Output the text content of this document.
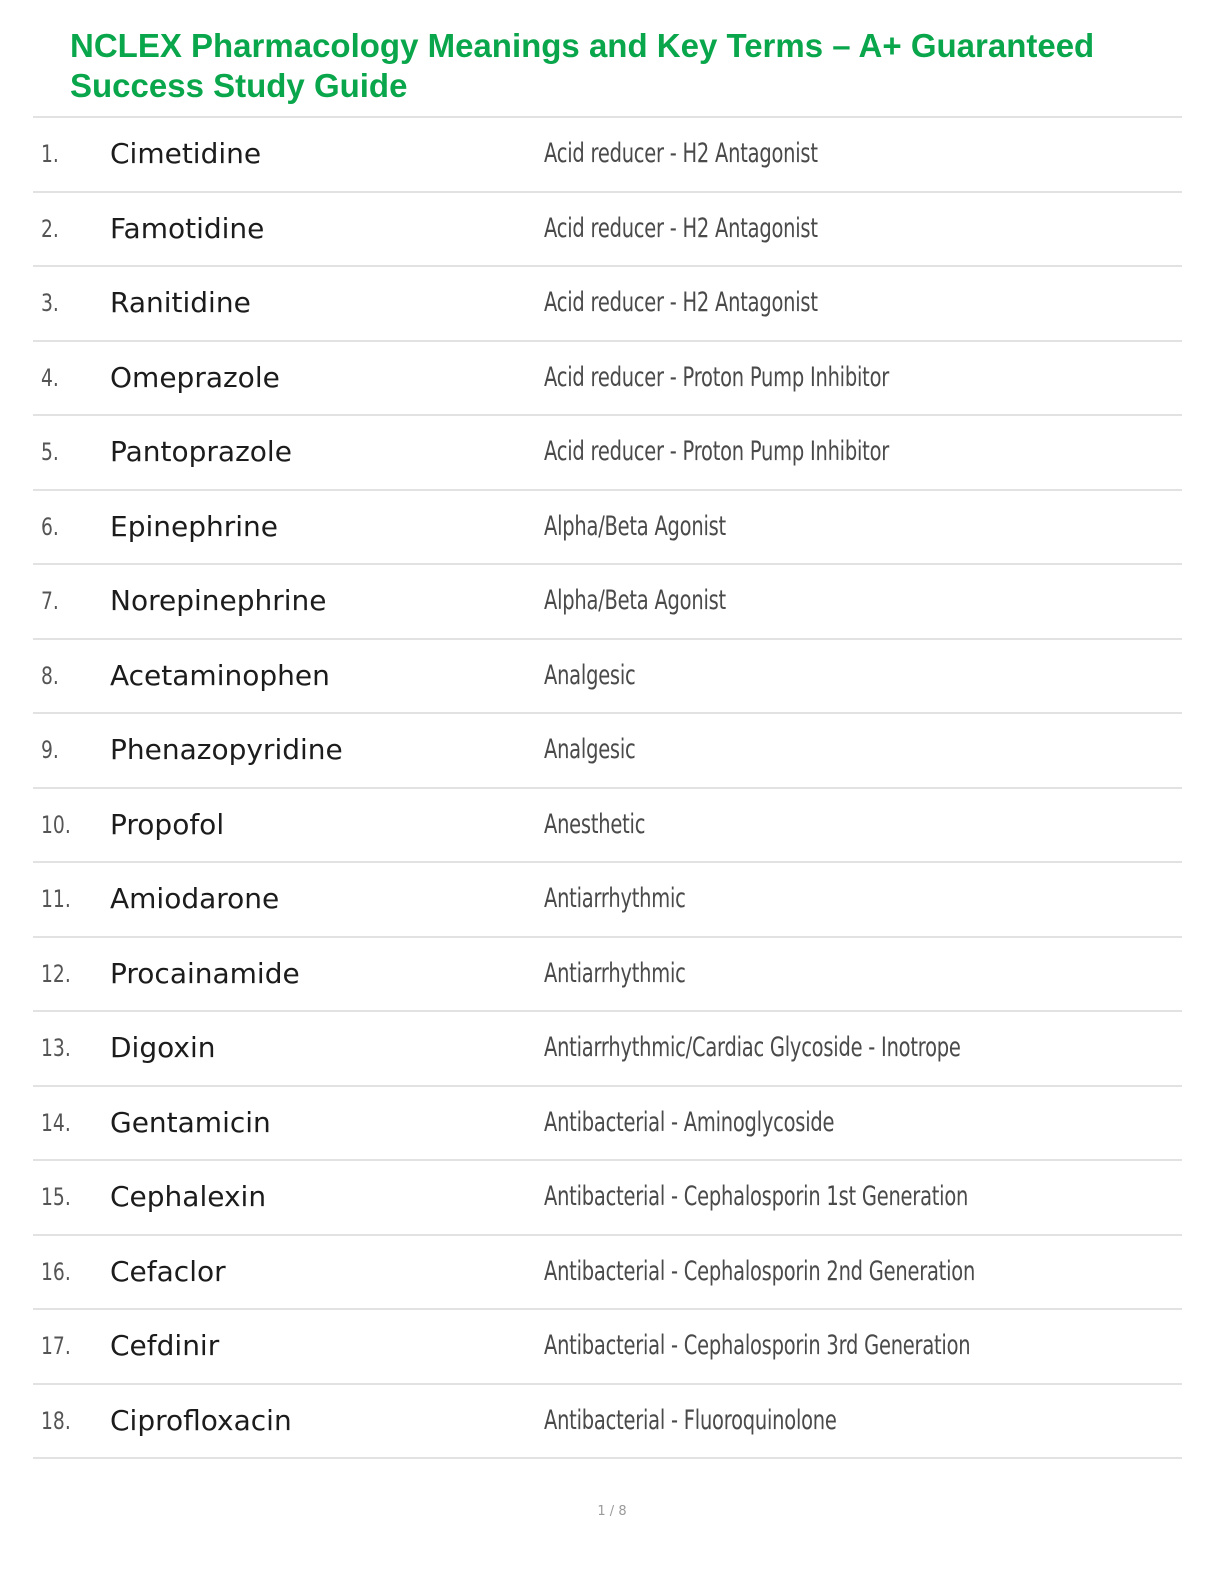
NCLEX Pharmacology Meanings and Key Terms – A+ Guaranteed Success Study Guide
1. Cimetidine	Acid reducer - H2 Antagonist
2. Famotidine	Acid reducer - H2 Antagonist
3. Ranitidine	Acid reducer - H2 Antagonist
4. Omeprazole	Acid reducer - Proton Pump Inhibitor
5. Pantoprazole	Acid reducer - Proton Pump Inhibitor
6. Epinephrine	Alpha/Beta Agonist
7. Norepinephrine	Alpha/Beta Agonist
8. Acetaminophen	Analgesic
9. Phenazopyridine	Analgesic
10. Propofol	Anesthetic
11. Amiodarone	Antiarrhythmic
12. Procainamide	Antiarrhythmic
13. Digoxin	Antiarrhythmic/Cardiac Glycoside - Inotrope
14. Gentamicin	Antibacterial - Aminoglycoside
15. Cephalexin	Antibacterial - Cephalosporin 1st Generation
16. Cefaclor	Antibacterial - Cephalosporin 2nd Generation
17. Cefdinir	Antibacterial - Cephalosporin 3rd Generation
18. Ciprofloxacin	Antibacterial - Fluoroquinolone
1 / 8
